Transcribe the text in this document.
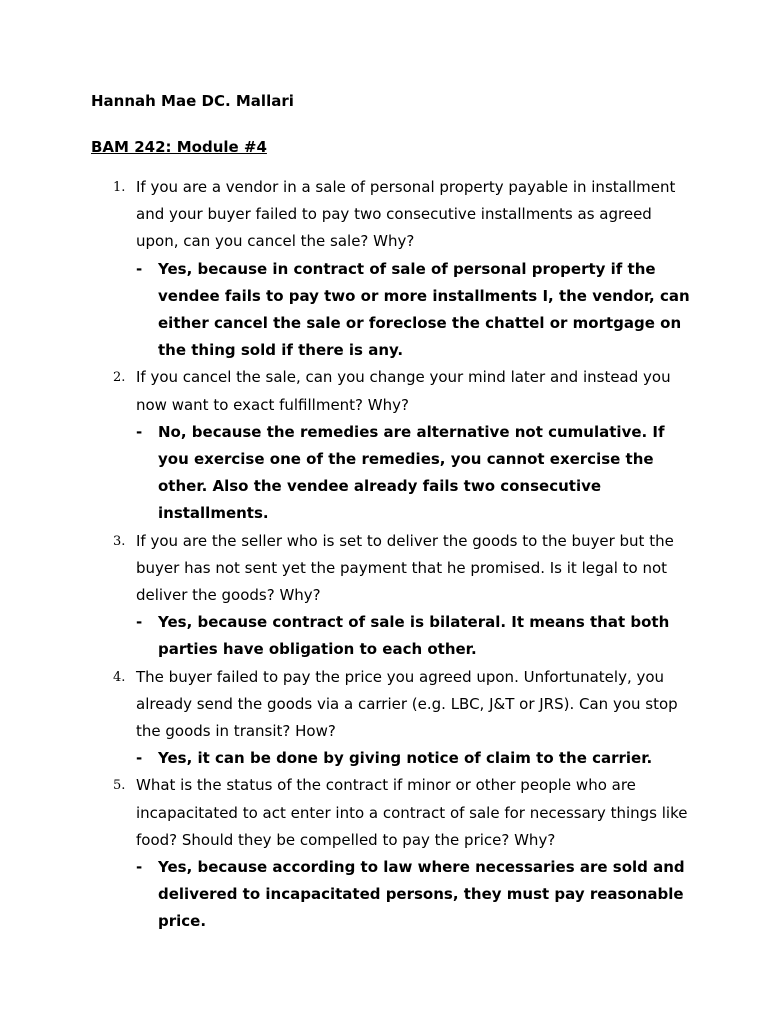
Hannah Mae DC. Mallari
BAM 242: Module #4
1. If you are a vendor in a sale of personal property payable in installment and your buyer failed to pay two consecutive installments as agreed upon, can you cancel the sale? Why?

- Yes, because in contract of sale of personal property if the vendee fails to pay two or more installments I, the vendor, can either cancel the sale or foreclose the chattel or mortgage on the thing sold if there is any.

2. If you cancel the sale, can you change your mind later and instead you now want to exact fulfillment? Why?

- No, because the remedies are alternative not cumulative. If you exercise one of the remedies, you cannot exercise the other. Also the vendee already fails two consecutive installments.

3. If you are the seller who is set to deliver the goods to the buyer but the buyer has not sent yet the payment that he promised. Is it legal to not deliver the goods? Why?

- Yes, because contract of sale is bilateral. It means that both parties have obligation to each other.

4. The buyer failed to pay the price you agreed upon. Unfortunately, you already send the goods via a carrier (e.g. LBC, J&T or JRS). Can you stop the goods in transit? How?

- Yes, it can be done by giving notice of claim to the carrier.

5. What is the status of the contract if minor or other people who are incapacitated to act enter into a contract of sale for necessary things like food? Should they be compelled to pay the price? Why?

- Yes, because according to law where necessaries are sold and delivered to incapacitated persons, they must pay reasonable price.
